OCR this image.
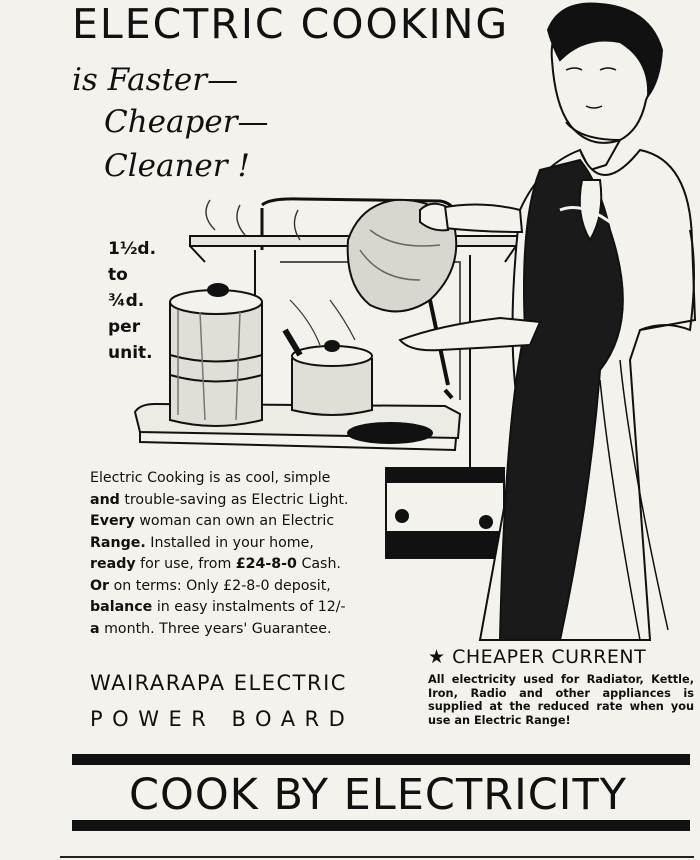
ELECTRIC COOKING
is Faster—
Cheaper—
Cleaner !
1½d.
to
¾d.
per
unit.
Electric Cooking is as cool, simple
and trouble-saving as Electric Light.
Every woman can own an Electric
Range. Installed in your home,
ready for use, from £24-8-0 Cash.
Or on terms: Only £2-8-0 deposit,
balance in easy instalments of 12/-
a month. Three years' Guarantee.
WAIRARAPA ELECTRIC
POWER BOARD
★ CHEAPER CURRENT
All electricity used for Radiator, Kettle, Iron, Radio and other appliances is supplied at the reduced rate when you use an Electric Range!
COOK BY ELECTRICITY
